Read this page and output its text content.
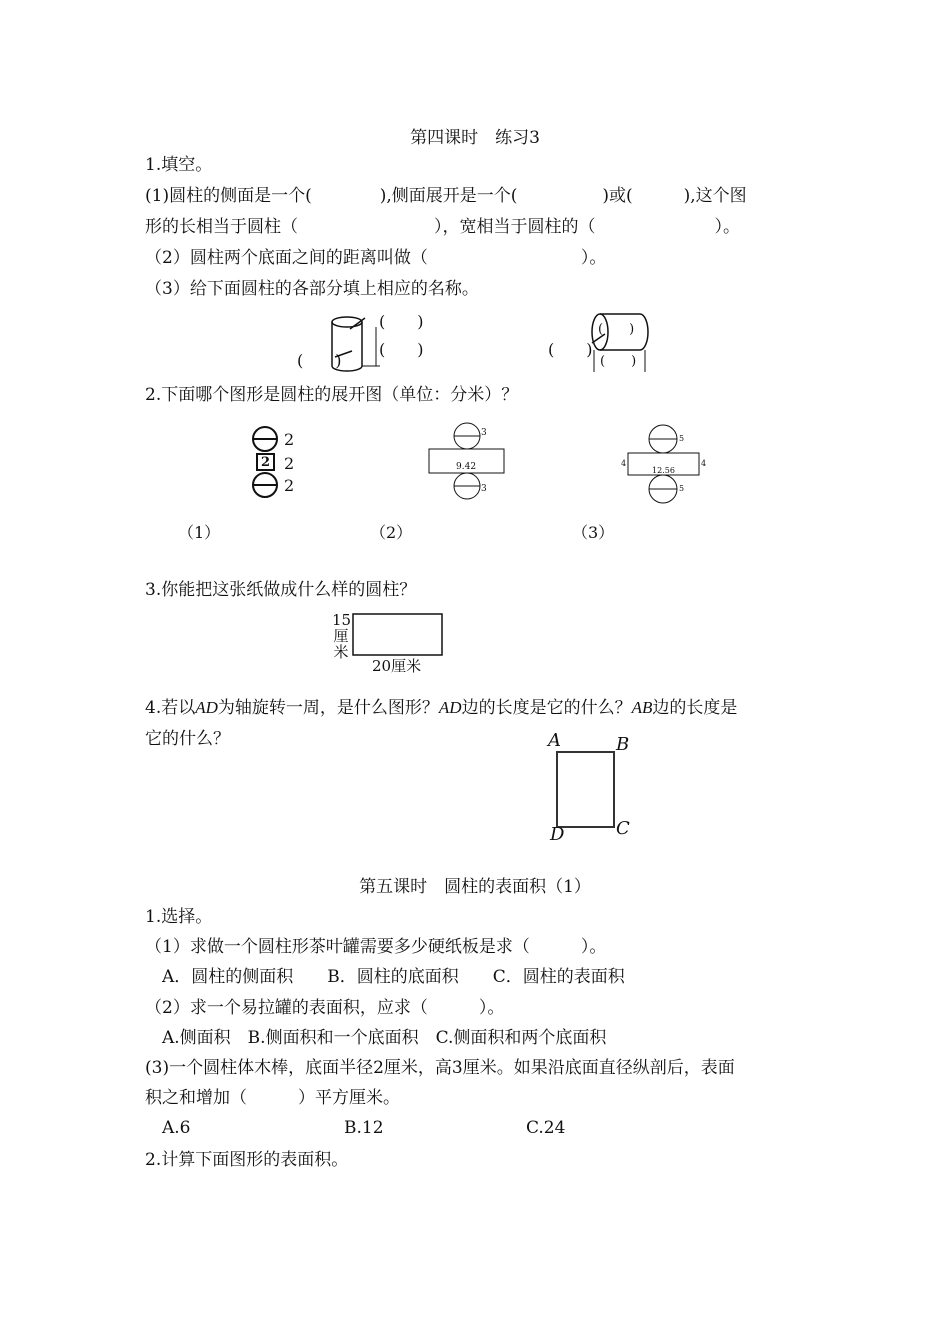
第四课时　练习3
1.填空。
(1)圆柱的侧面是一个(　　　　),侧面展开是一个(　　　　　)或(　　　),这个图
形的长相当于圆柱（　　　　　　　　），宽相当于圆柱的（　　　　　　　）。
（2）圆柱两个底面之间的距离叫做（　　　　　　　　　）。
（3）给下面圆柱的各部分填上相应的名称。
(　　)
(　　)
(　　)
(　　)
(　　)
(　　)
2.下面哪个图形是圆柱的展开图（单位：分米）？
2
2
2
2
3
3
9.42
5
5
4	4
12.56
（1）	（2）	（3）
3.你能把这张纸做成什么样的圆柱？
15
厘
米
20厘米
4.若以AD为轴旋转一周，是什么图形？AD边的长度是它的什么？AB边的长度是
它的什么？	A	B
C
D
第五课时　圆柱的表面积（1）
1.选择。
（1）求做一个圆柱形茶叶罐需要多少硬纸板是求（　　　）。
　A．圆柱的侧面积　　B．圆柱的底面积　　C．圆柱的表面积
（2）求一个易拉罐的表面积，应求（　　　）。
　A.侧面积　B.侧面积和一个底面积　C.侧面积和两个底面积
(3)一个圆柱体木棒，底面半径2厘米，高3厘米。如果沿底面直径纵剖后，表面
积之和增加（　　　）平方厘米。
A.6	B.12	C.24
2.计算下面图形的表面积。
